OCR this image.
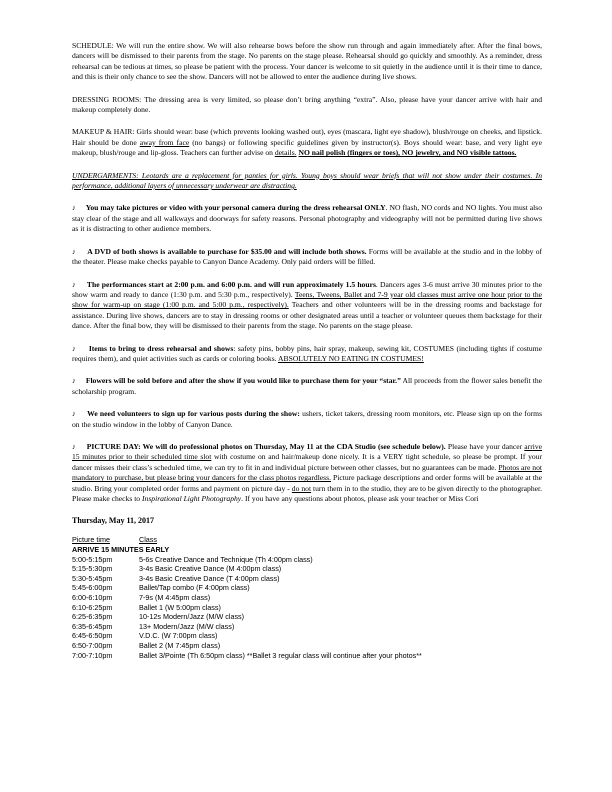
SCHEDULE: We will run the entire show. We will also rehearse bows before the show run through and again immediately after. After the final bows, dancers will be dismissed to their parents from the stage. No parents on the stage please. Rehearsal should go quickly and smoothly. As a reminder, dress rehearsal can be tedious at times, so please be patient with the process. Your dancer is welcome to sit quietly in the audience until it is their time to dance, and this is their only chance to see the show. Dancers will not be allowed to enter the audience during live shows.

DRESSING ROOMS: The dressing area is very limited, so please don’t bring anything “extra”. Also, please have your dancer arrive with hair and makeup completely done.

MAKEUP & HAIR: Girls should wear: base (which prevents looking washed out), eyes (mascara, light eye shadow), blush/rouge on cheeks, and lipstick. Hair should be done away from face (no bangs) or following specific guidelines given by instructor(s). Boys should wear: base, and very light eye makeup, blush/rouge and lip-gloss. Teachers can further advise on details. NO nail polish (fingers or toes), NO jewelry, and NO visible tattoos.

UNDERGARMENTS: Leotards are a replacement for panties for girls. Young boys should wear briefs that will not show under their costumes. In performance, additional layers of unnecessary underwear are distracting.

♪ You may take pictures or video with your personal camera during the dress rehearsal ONLY. NO flash, NO cords and NO lights. You must also stay clear of the stage and all walkways and doorways for safety reasons. Personal photography and videography will not be permitted during live shows as it is distracting to other audience members.

♪ A DVD of both shows is available to purchase for $35.00 and will include both shows. Forms will be available at the studio and in the lobby of the theater. Please make checks payable to Canyon Dance Academy. Only paid orders will be filled.

♪ The performances start at 2:00 p.m. and 6:00 p.m. and will run approximately 1.5 hours. Dancers ages 3-6 must arrive 30 minutes prior to the show warm and ready to dance (1:30 p.m. and 5:30 p.m., respectively). Teens, Tweens, Ballet and 7-9 year old classes must arrive one hour prior to the show for warm-up on stage (1:00 p.m. and 5:00 p.m., respectively). Teachers and other volunteers will be in the dressing rooms and backstage for assistance. During live shows, dancers are to stay in dressing rooms or other designated areas until a teacher or volunteer queues them backstage for their dance. After the final bow, they will be dismissed to their parents from the stage. No parents on the stage please.

♪ Items to bring to dress rehearsal and shows: safety pins, bobby pins, hair spray, makeup, sewing kit, COSTUMES (including tights if costume requires them), and quiet activities such as cards or coloring books. ABSOLUTELY NO EATING IN COSTUMES!

♪ Flowers will be sold before and after the show if you would like to purchase them for your “star.” All proceeds from the flower sales benefit the scholarship program.

♪ We need volunteers to sign up for various posts during the show: ushers, ticket takers, dressing room monitors, etc. Please sign up on the forms on the studio window in the lobby of Canyon Dance.

♪ PICTURE DAY: We will do professional photos on Thursday, May 11 at the CDA Studio (see schedule below). Please have your dancer arrive 15 minutes prior to their scheduled time slot with costume on and hair/makeup done nicely. It is a VERY tight schedule, so please be prompt. If your dancer misses their class’s scheduled time, we can try to fit in and individual picture between other classes, but no guarantees can be made. Photos are not mandatory to purchase, but please bring your dancers for the class photos regardless. Picture package descriptions and order forms will be available at the studio. Bring your completed order forms and payment on picture day - do not turn them in to the studio, they are to be given directly to the photographer. Please make checks to Inspirational Light Photography. If you have any questions about photos, please ask your teacher or Miss Cori

Thursday, May 11, 2017
Picture time	Class
ARRIVE 15 MINUTES EARLY
5:00-5:15pm	5-6s Creative Dance and Technique (Th 4:00pm class)
5:15-5:30pm	3-4s Basic Creative Dance (M 4:00pm class)
5:30-5:45pm	3-4s Basic Creative Dance (T 4:00pm class)
5:45-6:00pm	Ballet/Tap combo (F 4:00pm class)
6:00-6:10pm	7-9s (M 4:45pm class)
6:10-6:25pm	Ballet 1 (W 5:00pm class)
6:25-6:35pm	10-12s Modern/Jazz (M/W class)
6:35-6:45pm	13+ Modern/Jazz (M/W class)
6:45-6:50pm	V.D.C. (W 7:00pm class)
6:50-7:00pm	Ballet 2 (M 7:45pm class)
7:00-7:10pm	Ballet 3/Pointe (Th 6:50pm class) **Ballet 3 regular class will continue after your photos**
